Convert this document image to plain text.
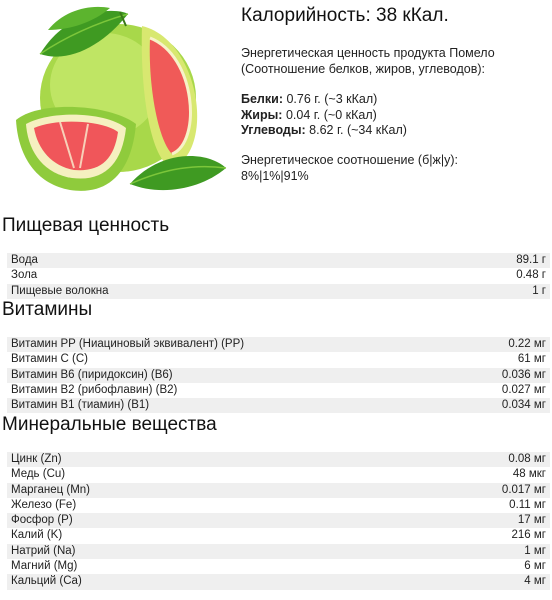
Калорийность: 38 кКал.
Энергетическая ценность продукта Помело
(Соотношение белков, жиров, углеводов):
Белки: 0.76 г. (~3 кКал)
Жиры: 0.04 г. (~0 кКал)
Углеводы: 8.62 г. (~34 кКал)
Энергетическое соотношение (б|ж|у):
8%|1%|91%
Пищевая ценность
Вода	89.1 г
Зола	0.48 г
Пищевые волокна	1 г
Витамины
Витамин PP (Ниациновый эквивалент) (PP)	0.22 мг
Витамин С (C)	61 мг
Витамин В6 (пиридоксин) (B6)	0.036 мг
Витамин В2 (рибофлавин) (B2)	0.027 мг
Витамин В1 (тиамин) (B1)	0.034 мг
Минеральные вещества
Цинк (Zn)	0.08 мг
Медь (Cu)	48 мкг
Марганец (Mn)	0.017 мг
Железо (Fe)	0.11 мг
Фосфор (P)	17 мг
Калий (K)	216 мг
Натрий (Na)	1 мг
Магний (Mg)	6 мг
Кальций (Ca)	4 мг
